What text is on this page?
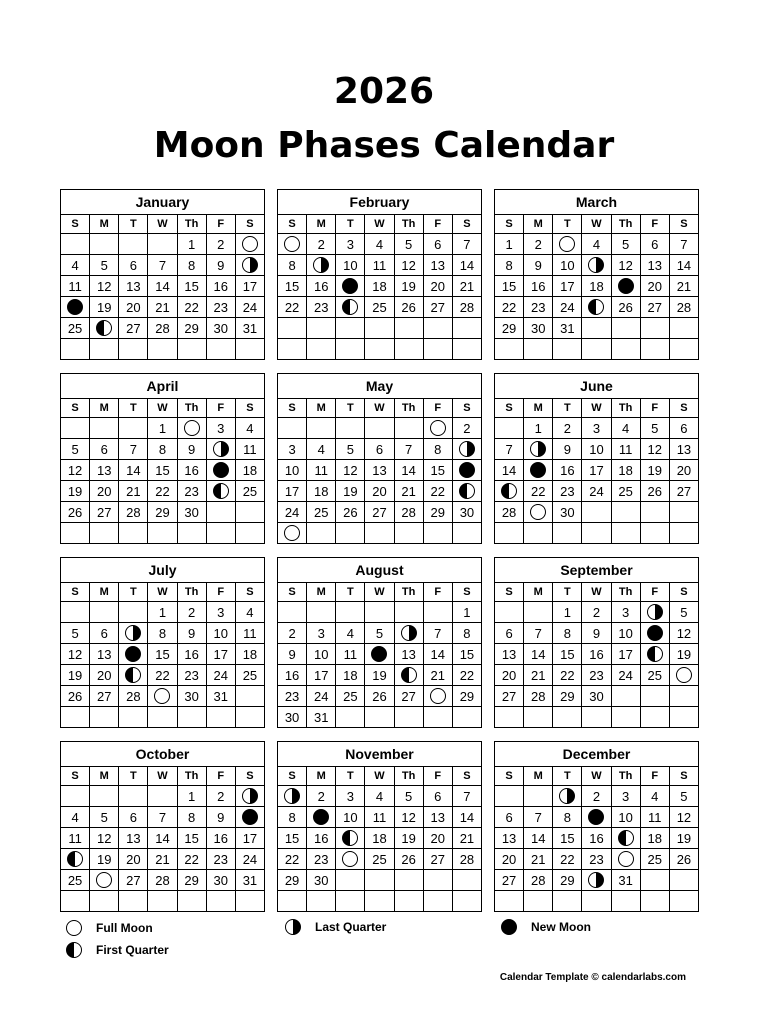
2026
Moon Phases Calendar
January						
S	M	T	W	Th	F	S
				1	2	
4	5	6	7	8	9	
11	12	13	14	15	16	17
	19	20	21	22	23	24
25		27	28	29	30	31

February						
S	M	T	W	Th	F	S
	2	3	4	5	6	7
8		10	11	12	13	14
15	16		18	19	20	21
22	23		25	26	27	28

March						
S	M	T	W	Th	F	S
1	2		4	5	6	7
8	9	10		12	13	14
15	16	17	18		20	21
22	23	24		26	27	28
29	30	31				

April						
S	M	T	W	Th	F	S
			1		3	4
5	6	7	8	9		11
12	13	14	15	16		18
19	20	21	22	23		25
26	27	28	29	30		

May						
S	M	T	W	Th	F	S
						2
3	4	5	6	7	8	
10	11	12	13	14	15	
17	18	19	20	21	22	
24	25	26	27	28	29	30

June						
S	M	T	W	Th	F	S
	1	2	3	4	5	6
7		9	10	11	12	13
14		16	17	18	19	20
	22	23	24	25	26	27
28		30				

July						
S	M	T	W	Th	F	S
			1	2	3	4
5	6		8	9	10	11
12	13		15	16	17	18
19	20		22	23	24	25
26	27	28		30	31	

August						
S	M	T	W	Th	F	S
						1
2	3	4	5		7	8
9	10	11		13	14	15
16	17	18	19		21	22
23	24	25	26	27		29
30	31					
September						
S	M	T	W	Th	F	S
		1	2	3		5
6	7	8	9	10		12
13	14	15	16	17		19
20	21	22	23	24	25	
27	28	29	30			

October						
S	M	T	W	Th	F	S
				1	2	
4	5	6	7	8	9	
11	12	13	14	15	16	17
	19	20	21	22	23	24
25		27	28	29	30	31

November						
S	M	T	W	Th	F	S
	2	3	4	5	6	7
8		10	11	12	13	14
15	16		18	19	20	21
22	23		25	26	27	28
29	30					

December						
S	M	T	W	Th	F	S
			2	3	4	5
6	7	8		10	11	12
13	14	15	16		18	19
20	21	22	23		25	26
27	28	29		31		

Full Moon	Last Quarter	New Moon
First Quarter
Calendar Template © calendarlabs.com
